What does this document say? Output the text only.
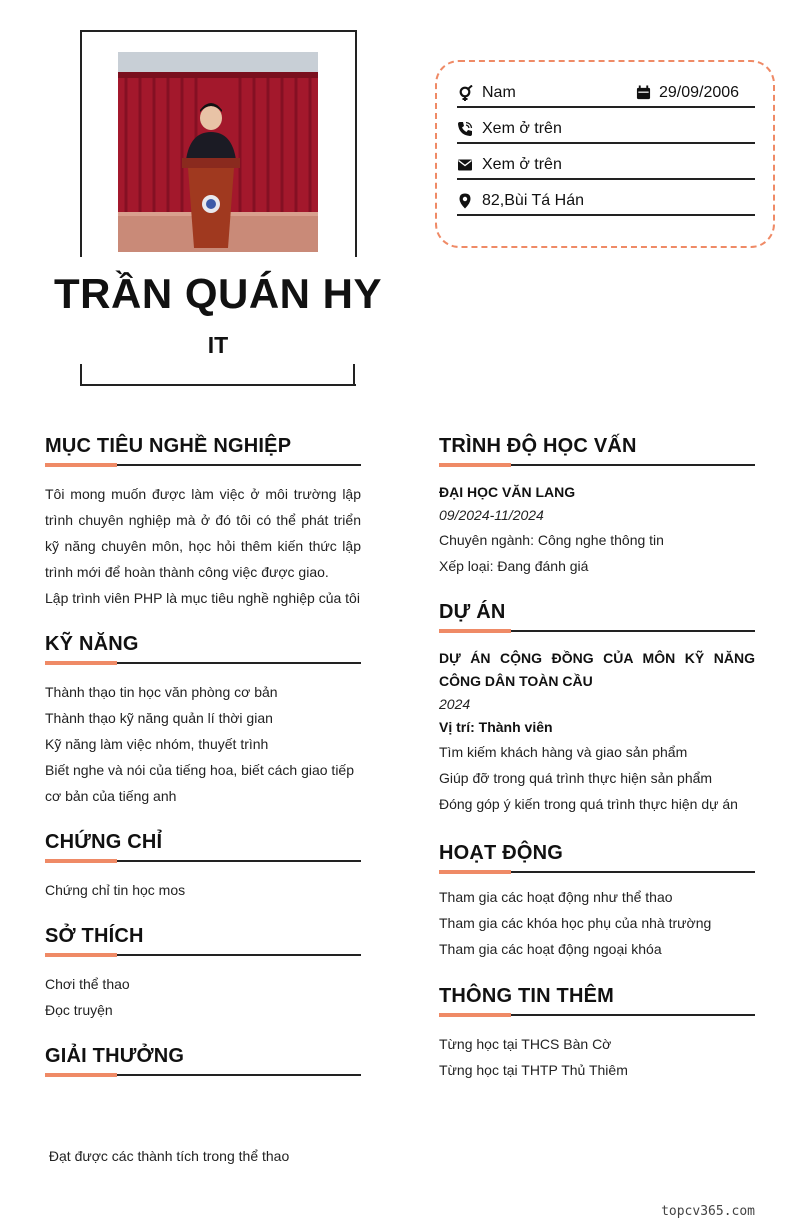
TRẦN QUÁN HY
IT
Nam	29/09/2006
Xem ở trên
Xem ở trên
82,Bùi Tá Hán
MỤC TIÊU NGHỀ NGHIỆP
Tôi mong muốn được làm việc ở môi trường lập trình chuyên nghiệp mà ở đó tôi có thể phát triển kỹ năng chuyên môn, học hỏi thêm kiến thức lập trình mới để hoàn thành công việc được giao.
Lập trình viên PHP là mục tiêu nghề nghiệp của tôi
KỸ NĂNG
Thành thạo tin học văn phòng cơ bản
Thành thạo kỹ năng quản lí thời gian
Kỹ năng làm việc nhóm, thuyết trình
Biết nghe và nói của tiếng hoa, biết cách giao tiếp cơ bản của tiếng anh
CHỨNG CHỈ
Chứng chỉ tin học mos
SỞ THÍCH
Chơi thể thao
Đọc truyện
GIẢI THƯỞNG

Đạt được các thành tích trong thể thao

TRÌNH ĐỘ HỌC VẤN
ĐẠI HỌC VĂN LANG
09/2024-11/2024
Chuyên ngành: Công nghe thông tin
Xếp loại: Đang đánh giá
DỰ ÁN
DỰ ÁN CỘNG ĐỒNG CỦA MÔN KỸ NĂNG CÔNG DÂN TOÀN CẦU
2024
Vị trí: Thành viên
Tìm kiếm khách hàng và giao sản phẩm
Giúp đỡ trong quá trình thực hiện sản phẩm
Đóng góp ý kiến trong quá trình thực hiện dự án
HOẠT ĐỘNG
Tham gia các hoạt động như thể thao
Tham gia các khóa học phụ của nhà trường
Tham gia các hoạt động ngoại khóa
THÔNG TIN THÊM
Từng học tại THCS Bàn Cờ
Từng học tại THTP Thủ Thiêm
topcv365.com
